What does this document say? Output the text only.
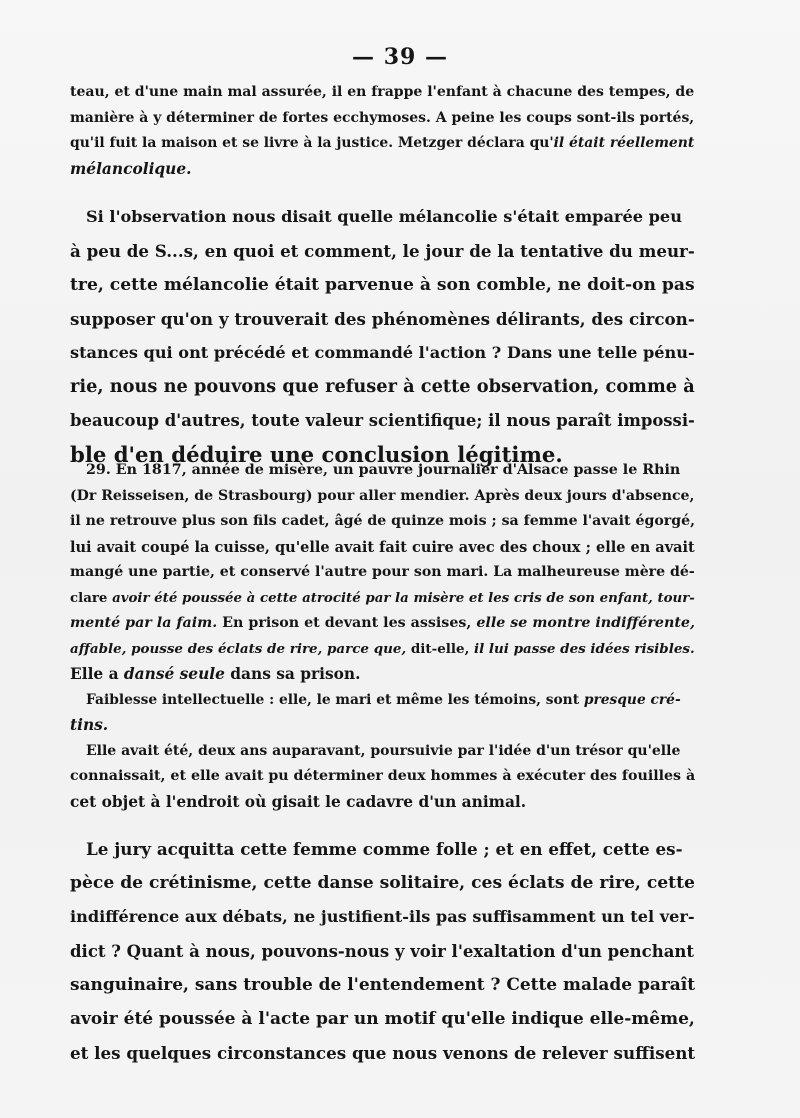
— 39 —
teau, et d'une main mal assurée, il en frappe l'enfant à chacune des tempes, de
manière à y déterminer de fortes ecchymoses. A peine les coups sont-ils portés,
qu'il fuit la maison et se livre à la justice. Metzger déclara qu'il était réellement
mélancolique.
Si l'observation nous disait quelle mélancolie s'était emparée peu
à peu de S...s, en quoi et comment, le jour de la tentative du meur-
tre, cette mélancolie était parvenue à son comble, ne doit-on pas
supposer qu'on y trouverait des phénomènes délirants, des circon-
stances qui ont précédé et commandé l'action ? Dans une telle pénu-
rie, nous ne pouvons que refuser à cette observation, comme à
beaucoup d'autres, toute valeur scientifique; il nous paraît impossi-
ble d'en déduire une conclusion légitime.
29. En 1817, année de misère, un pauvre journalier d'Alsace passe le Rhin
(Dr Reisseisen, de Strasbourg) pour aller mendier. Après deux jours d'absence,
il ne retrouve plus son fils cadet, âgé de quinze mois ; sa femme l'avait égorgé,
lui avait coupé la cuisse, qu'elle avait fait cuire avec des choux ; elle en avait
mangé une partie, et conservé l'autre pour son mari. La malheureuse mère dé-
clare avoir été poussée à cette atrocité par la misère et les cris de son enfant, tour-
menté par la faim. En prison et devant les assises, elle se montre indifférente,
affable, pousse des éclats de rire, parce que, dit-elle, il lui passe des idées risibles.
Elle a dansé seule dans sa prison.
Faiblesse intellectuelle : elle, le mari et même les témoins, sont presque cré-
tins.
Elle avait été, deux ans auparavant, poursuivie par l'idée d'un trésor qu'elle
connaissait, et elle avait pu déterminer deux hommes à exécuter des fouilles à
cet objet à l'endroit où gisait le cadavre d'un animal.
Le jury acquitta cette femme comme folle ; et en effet, cette es-
pèce de crétinisme, cette danse solitaire, ces éclats de rire, cette
indifférence aux débats, ne justifient-ils pas suffisamment un tel ver-
dict ? Quant à nous, pouvons-nous y voir l'exaltation d'un penchant
sanguinaire, sans trouble de l'entendement ? Cette malade paraît
avoir été poussée à l'acte par un motif qu'elle indique elle-même,
et les quelques circonstances que nous venons de relever suffisent
